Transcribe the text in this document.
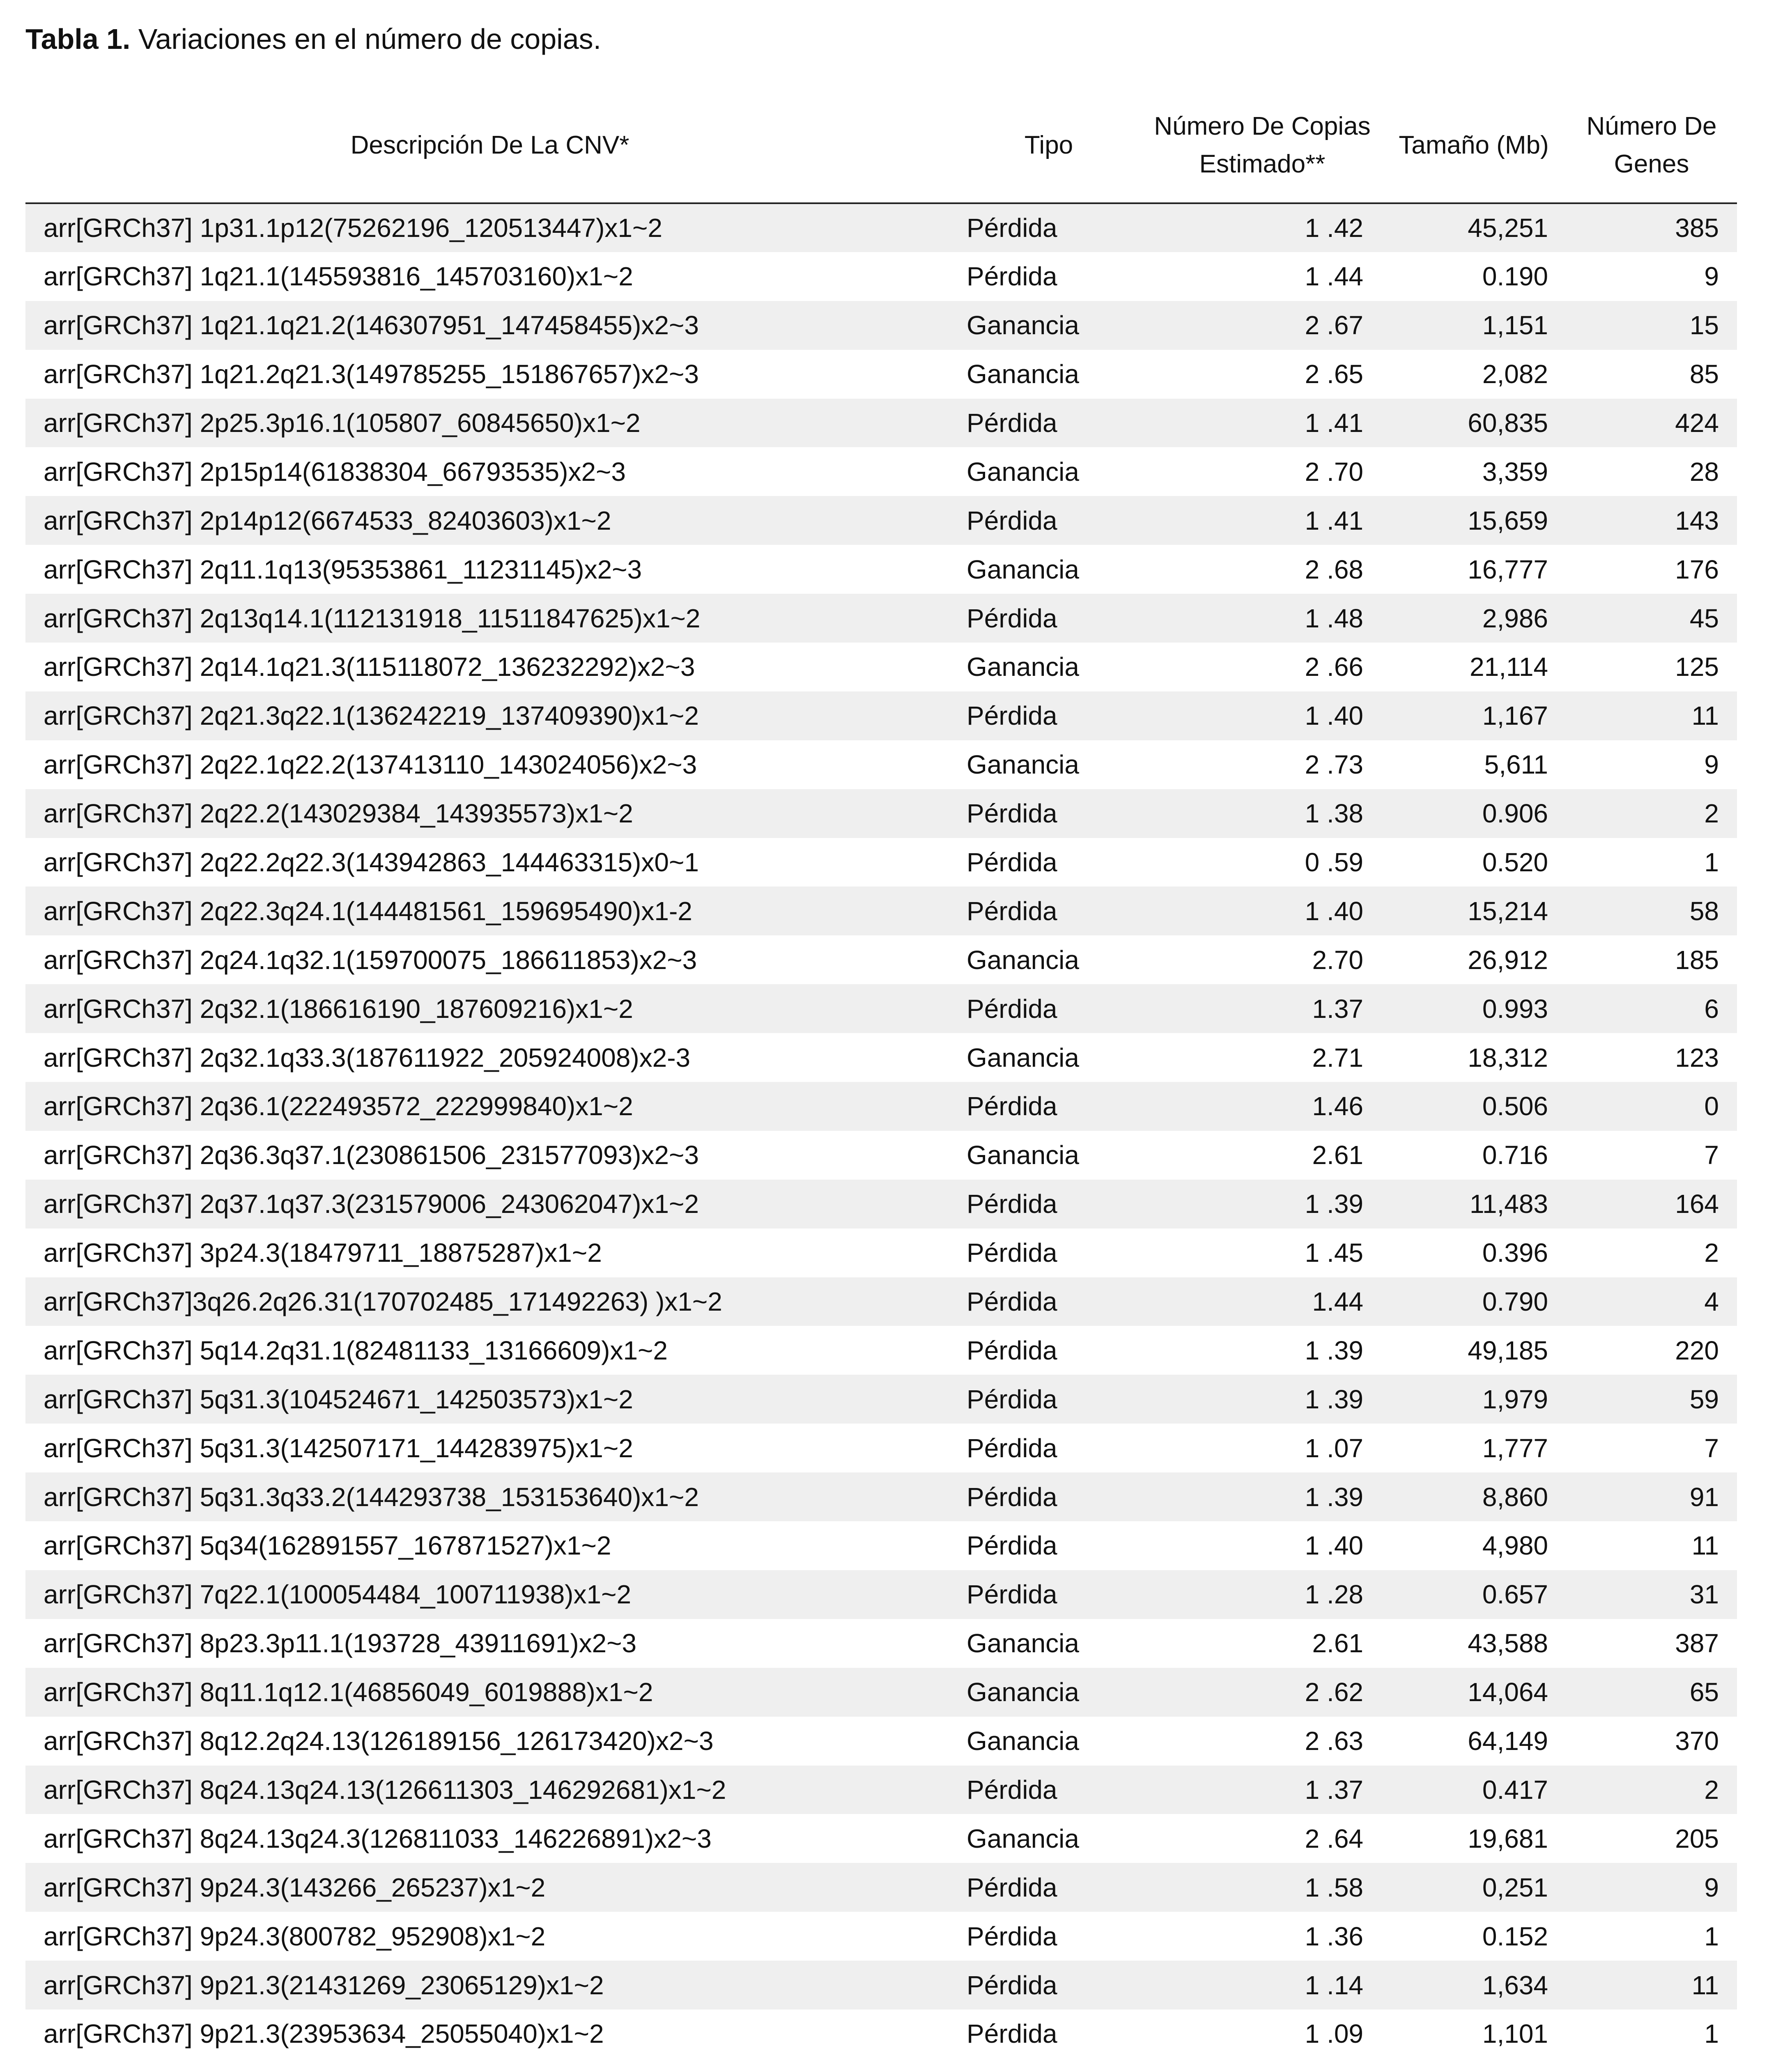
Tabla 1. Variaciones en el número de copias.
Descripción De La CNV*	Tipo	Número De Copias Estimado**	Tamaño (Mb)	Número De Genes
arr[GRCh37] 1p31.1p12(75262196_120513447)x1~2	Pérdida	1 .42	45,251	385
arr[GRCh37] 1q21.1(145593816_145703160)x1~2	Pérdida	1 .44	0.190	9
arr[GRCh37] 1q21.1q21.2(146307951_147458455)x2~3	Ganancia	2 .67	1,151	15
arr[GRCh37] 1q21.2q21.3(149785255_151867657)x2~3	Ganancia	2 .65	2,082	85
arr[GRCh37] 2p25.3p16.1(105807_60845650)x1~2	Pérdida	1 .41	60,835	424
arr[GRCh37] 2p15p14(61838304_66793535)x2~3	Ganancia	2 .70	3,359	28
arr[GRCh37] 2p14p12(6674533_82403603)x1~2	Pérdida	1 .41	15,659	143
arr[GRCh37] 2q11.1q13(95353861_11231145)x2~3	Ganancia	2 .68	16,777	176
arr[GRCh37] 2q13q14.1(112131918_11511847625)x1~2	Pérdida	1 .48	2,986	45
arr[GRCh37] 2q14.1q21.3(115118072_136232292)x2~3	Ganancia	2 .66	21,114	125
arr[GRCh37] 2q21.3q22.1(136242219_137409390)x1~2	Pérdida	1 .40	1,167	11
arr[GRCh37] 2q22.1q22.2(137413110_143024056)x2~3	Ganancia	2 .73	5,611	9
arr[GRCh37] 2q22.2(143029384_143935573)x1~2	Pérdida	1 .38	0.906	2
arr[GRCh37] 2q22.2q22.3(143942863_144463315)x0~1	Pérdida	0 .59	0.520	1
arr[GRCh37] 2q22.3q24.1(144481561_159695490)x1-2	Pérdida	1 .40	15,214	58
arr[GRCh37] 2q24.1q32.1(159700075_186611853)x2~3	Ganancia	2.70	26,912	185
arr[GRCh37] 2q32.1(186616190_187609216)x1~2	Pérdida	1.37	0.993	6
arr[GRCh37] 2q32.1q33.3(187611922_205924008)x2-3	Ganancia	2.71	18,312	123
arr[GRCh37] 2q36.1(222493572_222999840)x1~2	Pérdida	1.46	0.506	0
arr[GRCh37] 2q36.3q37.1(230861506_231577093)x2~3	Ganancia	2.61	0.716	7
arr[GRCh37] 2q37.1q37.3(231579006_243062047)x1~2	Pérdida	1 .39	11,483	164
arr[GRCh37] 3p24.3(18479711_18875287)x1~2	Pérdida	1 .45	0.396	2
arr[GRCh37]3q26.2q26.31(170702485_171492263) )x1~2	Pérdida	1.44	0.790	4
arr[GRCh37] 5q14.2q31.1(82481133_13166609)x1~2	Pérdida	1 .39	49,185	220
arr[GRCh37] 5q31.3(104524671_142503573)x1~2	Pérdida	1 .39	1,979	59
arr[GRCh37] 5q31.3(142507171_144283975)x1~2	Pérdida	1 .07	1,777	7
arr[GRCh37] 5q31.3q33.2(144293738_153153640)x1~2	Pérdida	1 .39	8,860	91
arr[GRCh37] 5q34(162891557_167871527)x1~2	Pérdida	1 .40	4,980	11
arr[GRCh37] 7q22.1(100054484_100711938)x1~2	Pérdida	1 .28	0.657	31
arr[GRCh37] 8p23.3p11.1(193728_43911691)x2~3	Ganancia	2.61	43,588	387
arr[GRCh37] 8q11.1q12.1(46856049_6019888)x1~2	Ganancia	2 .62	14,064	65
arr[GRCh37] 8q12.2q24.13(126189156_126173420)x2~3	Ganancia	2 .63	64,149	370
arr[GRCh37] 8q24.13q24.13(126611303_146292681)x1~2	Pérdida	1 .37	0.417	2
arr[GRCh37] 8q24.13q24.3(126811033_146226891)x2~3	Ganancia	2 .64	19,681	205
arr[GRCh37] 9p24.3(143266_265237)x1~2	Pérdida	1 .58	0,251	9
arr[GRCh37] 9p24.3(800782_952908)x1~2	Pérdida	1 .36	0.152	1
arr[GRCh37] 9p21.3(21431269_23065129)x1~2	Pérdida	1 .14	1,634	11
arr[GRCh37] 9p21.3(23953634_25055040)x1~2	Pérdida	1 .09	1,101	1
